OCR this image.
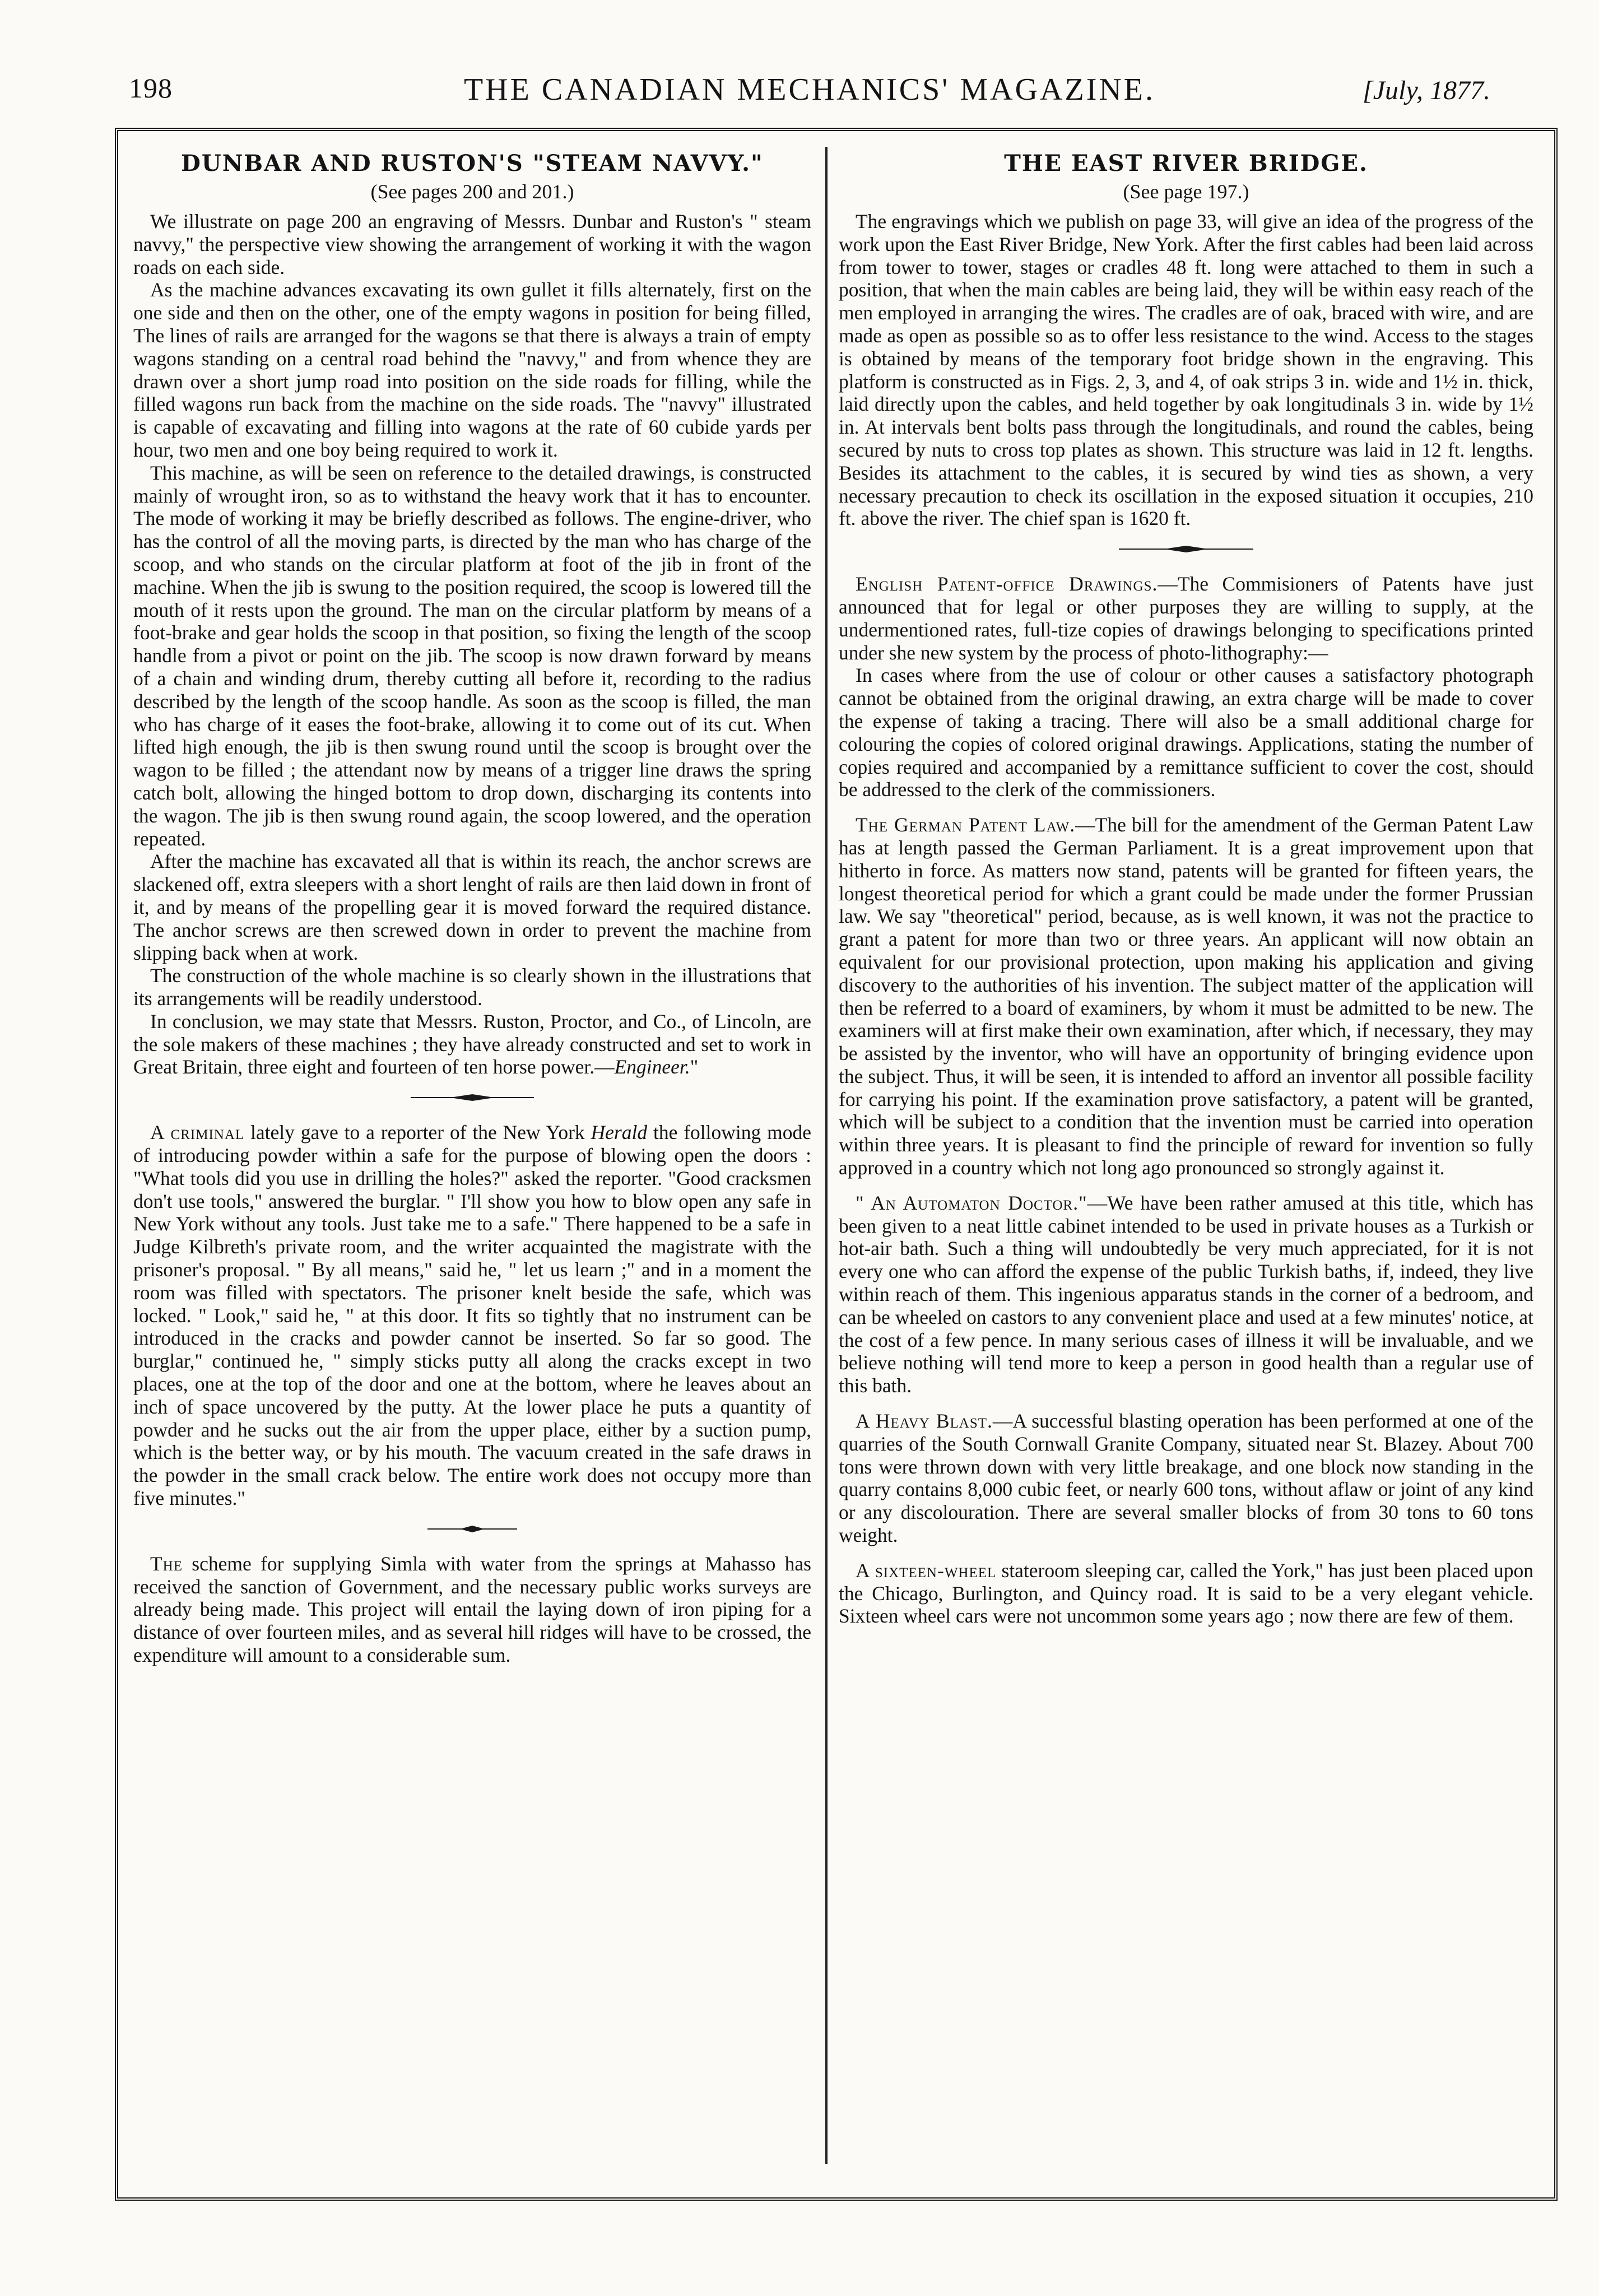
198	THE CANADIAN MECHANICS' MAGAZINE.	[July, 1877.
DUNBAR AND RUSTON'S "STEAM NAVVY."
(See pages 200 and 201.)

We illustrate on page 200 an engraving of Messrs. Dunbar and Ruston's " steam navvy," the perspective view showing the arrangement of working it with the wagon roads on each side.

As the machine advances excavating its own gullet it fills alternately, first on the one side and then on the other, one of the empty wagons in position for being filled, The lines of rails are arranged for the wagons se that there is always a train of empty wagons standing on a central road behind the "navvy," and from whence they are drawn over a short jump road into position on the side roads for filling, while the filled wagons run back from the machine on the side roads. The "navvy" illustrated is capable of excavating and filling into wagons at the rate of 60 cubide yards per hour, two men and one boy being required to work it.

This machine, as will be seen on reference to the detailed drawings, is constructed mainly of wrought iron, so as to withstand the heavy work that it has to encounter. The mode of working it may be briefly described as follows. The engine-driver, who has the control of all the moving parts, is directed by the man who has charge of the scoop, and who stands on the circular platform at foot of the jib in front of the machine. When the jib is swung to the position required, the scoop is lowered till the mouth of it rests upon the ground. The man on the circular platform by means of a foot-brake and gear holds the scoop in that position, so fixing the length of the scoop handle from a pivot or point on the jib. The scoop is now drawn forward by means of a chain and winding drum, thereby cutting all before it, recording to the radius described by the length of the scoop handle. As soon as the scoop is filled, the man who has charge of it eases the foot-brake, allowing it to come out of its cut. When lifted high enough, the jib is then swung round until the scoop is brought over the wagon to be filled ; the attendant now by means of a trigger line draws the spring catch bolt, allowing the hinged bottom to drop down, discharging its contents into the wagon. The jib is then swung round again, the scoop lowered, and the operation repeated.

After the machine has excavated all that is within its reach, the anchor screws are slackened off, extra sleepers with a short lenght of rails are then laid down in front of it, and by means of the propelling gear it is moved forward the required distance. The anchor screws are then screwed down in order to prevent the machine from slipping back when at work.

The construction of the whole machine is so clearly shown in the illustrations that its arrangements will be readily understood.

In conclusion, we may state that Messrs. Ruston, Proctor, and Co., of Lincoln, are the sole makers of these machines ; they have already constructed and set to work in Great Britain, three eight and fourteen of ten horse power.—Engineer."

A criminal lately gave to a reporter of the New York Herald the following mode of introducing powder within a safe for the purpose of blowing open the doors : "What tools did you use in drilling the holes?" asked the reporter. "Good cracksmen don't use tools," answered the burglar. " I'll show you how to blow open any safe in New York without any tools. Just take me to a safe." There happened to be a safe in Judge Kilbreth's private room, and the writer acquainted the magistrate with the prisoner's proposal. " By all means," said he, " let us learn ;" and in a moment the room was filled with spectators. The prisoner knelt beside the safe, which was locked. " Look," said he, " at this door. It fits so tightly that no instrument can be introduced in the cracks and powder cannot be inserted. So far so good. The burglar," continued he, " simply sticks putty all along the cracks except in two places, one at the top of the door and one at the bottom, where he leaves about an inch of space uncovered by the putty. At the lower place he puts a quantity of powder and he sucks out the air from the upper place, either by a suction pump, which is the better way, or by his mouth. The vacuum created in the safe draws in the powder in the small crack below. The entire work does not occupy more than five minutes."

The scheme for supplying Simla with water from the springs at Mahasso has received the sanction of Government, and the necessary public works surveys are already being made. This project will entail the laying down of iron piping for a distance of over fourteen miles, and as several hill ridges will have to be crossed, the expenditure will amount to a considerable sum.

THE EAST RIVER BRIDGE.
(See page 197.)

The engravings which we publish on page 33, will give an idea of the progress of the work upon the East River Bridge, New York. After the first cables had been laid across from tower to tower, stages or cradles 48 ft. long were attached to them in such a position, that when the main cables are being laid, they will be within easy reach of the men employed in arranging the wires. The cradles are of oak, braced with wire, and are made as open as possible so as to offer less resistance to the wind. Access to the stages is obtained by means of the temporary foot bridge shown in the engraving. This platform is constructed as in Figs. 2, 3, and 4, of oak strips 3 in. wide and 1½ in. thick, laid directly upon the cables, and held together by oak longitudinals 3 in. wide by 1½ in. At intervals bent bolts pass through the longitudinals, and round the cables, being secured by nuts to cross top plates as shown. This structure was laid in 12 ft. lengths. Besides its attachment to the cables, it is secured by wind ties as shown, a very necessary precaution to check its oscillation in the exposed situation it occupies, 210 ft. above the river. The chief span is 1620 ft.

English Patent-office Drawings.—The Commisioners of Patents have just announced that for legal or other purposes they are willing to supply, at the undermentioned rates, full-tize copies of drawings belonging to specifications printed under she new system by the process of photo-lithography:—

In cases where from the use of colour or other causes a satisfactory photograph cannot be obtained from the original drawing, an extra charge will be made to cover the expense of taking a tracing. There will also be a small additional charge for colouring the copies of colored original drawings. Applications, stating the number of copies required and accompanied by a remittance sufficient to cover the cost, should be addressed to the clerk of the commissioners.

The German Patent Law.—The bill for the amendment of the German Patent Law has at length passed the German Parliament. It is a great improvement upon that hitherto in force. As matters now stand, patents will be granted for fifteen years, the longest theoretical period for which a grant could be made under the former Prussian law. We say "theoretical" period, because, as is well known, it was not the practice to grant a patent for more than two or three years. An applicant will now obtain an equivalent for our provisional protection, upon making his application and giving discovery to the authorities of his invention. The subject matter of the application will then be referred to a board of examiners, by whom it must be admitted to be new. The examiners will at first make their own examination, after which, if necessary, they may be assisted by the inventor, who will have an opportunity of bringing evidence upon the subject. Thus, it will be seen, it is intended to afford an inventor all possible facility for carrying his point. If the examination prove satisfactory, a patent will be granted, which will be subject to a condition that the invention must be carried into operation within three years. It is pleasant to find the principle of reward for invention so fully approved in a country which not long ago pronounced so strongly against it.

" An Automaton Doctor."—We have been rather amused at this title, which has been given to a neat little cabinet intended to be used in private houses as a Turkish or hot-air bath. Such a thing will undoubtedly be very much appreciated, for it is not every one who can afford the expense of the public Turkish baths, if, indeed, they live within reach of them. This ingenious apparatus stands in the corner of a bedroom, and can be wheeled on castors to any convenient place and used at a few minutes' notice, at the cost of a few pence. In many serious cases of illness it will be invaluable, and we believe nothing will tend more to keep a person in good health than a regular use of this bath.

A Heavy Blast.—A successful blasting operation has been performed at one of the quarries of the South Cornwall Granite Company, situated near St. Blazey. About 700 tons were thrown down with very little breakage, and one block now standing in the quarry contains 8,000 cubic feet, or nearly 600 tons, without aflaw or joint of any kind or any discolouration. There are several smaller blocks of from 30 tons to 60 tons weight.

A sixteen-wheel stateroom sleeping car, called the York," has just been placed upon the Chicago, Burlington, and Quincy road. It is said to be a very elegant vehicle. Sixteen wheel cars were not uncommon some years ago ; now there are few of them.
